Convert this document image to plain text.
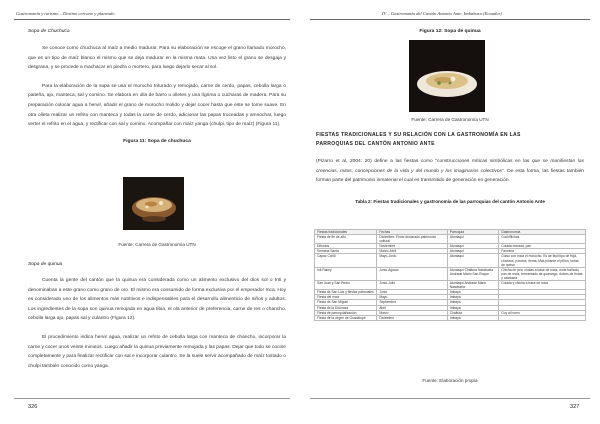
Gastronomía y turismo – Destino cercano y planeado

Sopa de Chuchuca

Se conoce como chuchuca al maíz a medio madurar. Para su elaboración se escoge el grano llamado morocho, que es un tipo de maíz blanco el mismo que se deja madurar en la misma mata. Una vez listo el grano se desgaja y desgrana, y se procede a machacar en piedra o mortero, para luego dejarlo secar al sol.

Para la elaboración de la sopa se usa el morocho triturado y remojado, carne de cerdo, papas, cebolla larga o paiteña, ajo, manteca, sal y comino. Se elabora en olla de barro u olletes y una lígrima o cucharas de madera. Para su preparación colocar agua a hervir, añadir el grano de morocho molido y dejar cocer hasta que este se torne suave. En otra olleta realizar un refrito con manteca y todas la carne de cerdo, adicionar las papas troceadas y amnochar, luego verter el refrito en el agua, y rectificar con sal y comino. Acompañar con maíz yanga (chulpi, tipo de maíz) (Figura 11).

Figura 11: Sopa de chuchuca

Fuente: Carrera de Gastronomía UTN

Sopa de quinua

Cuenta la gente del cantón que la quinua era considerada como un alimento exclusivo del dios sol o Inti y denominaban a este grano como grano de oro. El mismo era consumido de forma exclusiva por el emperador Inca. Hoy es considerado uno de los alimentos más nutritivos e indispensables para el desarrollo alimenticio de niños y adultos. Los ingredientes de la sopa son quinua remojada en agua tibia, el ola anterior de preferencia, carne de res o chancho, cebolla larga ajo, papas sal y culantro (Figura 12).

El procedimiento indica hervir agua, realizar un refrito de cebolla larga con manteca de chancho, incorporar la carne y cocer unos veinte minutos. Luego añadir la quinua previamente remojada y las papas. Dejar que todo se cocine completamente y para finalizar rectificar con sal e incorporar culantro. Se la suele servir acompañado de maíz tostado o chulpi también conocido como yanga.

326
IV – Gastronomía del Cantón Antonio Ante, Imbabura (Ecuador)

Figura 12: Sopa de quinua

Fuente: Carrera de Gastronomía UTN

FIESTAS TRADICIONALES Y SU RELACIÓN CON LA GASTRONOMÍA EN LAS

PARROQUIAS DEL CANTÓN ANTONIO ANTE

(Pizarro et al, 2004: 20) define a las fiestas como "construcciones míticas simbólicas en las que se manifiestan las creencias, mitos, concepciones de la vida y del mundo y los imaginarios colectivos". De esta forma, las fiestas también forman parte del patrimonio inmaterial el cual es transmitido de generación en generación.

Tabla 2: Fiestas tradicionales y gastronomía de las parroquias del cantón Antonio Ante

Fiestas tradicionales	Fechas	Parroquia	Gastronomía
Fiesta de fin de año	Diciembre. Firme declarado patrimonio cultural	Atuntaqui	Cuchiñichas
Difuntos	Noviembre	Atuntaqui	Colada morada, pan
Semana Santa	Marzo-Abril	Atuntaqui	Fanesca
Capac Cchill	Mayo-Junio	Atuntaqui	Guiso con maíz el morocho. Es de fácil tipo de frijol, chorizos, porotos, ñema. Más picante el piñón, tortas de queso
Inti Raimy	Junio-Agosto	Atuntaqui Chaltura Natabuela Andrade Marín San Roque	Chicha de jora, cholas a base de maíz, mote bañado, pan de maíz, fermentado de guarango, dulces de frutas y calabaza
San Juan y San Pedro	Junio-Julio	Atuntaqui Andrade Marín Natabuela	Colada y chicha a base de maíz
Fiesta de San Luis y fiestas patronales	Junio	Imbaya	
Fiesta del maíz	Mayo	Imbaya	
Fiesta de San Miguel	Septiembre	Imbaya	
Fiesta de la Dolorosa	Abril	Imbaya	
Fiesta de parroquialización	Marzo	Chaltura	Cuy al horno
Fiesta de la virgen de Guadalupe	Diciembre	Imbaya	

Fuente: Elaboración propia

327
